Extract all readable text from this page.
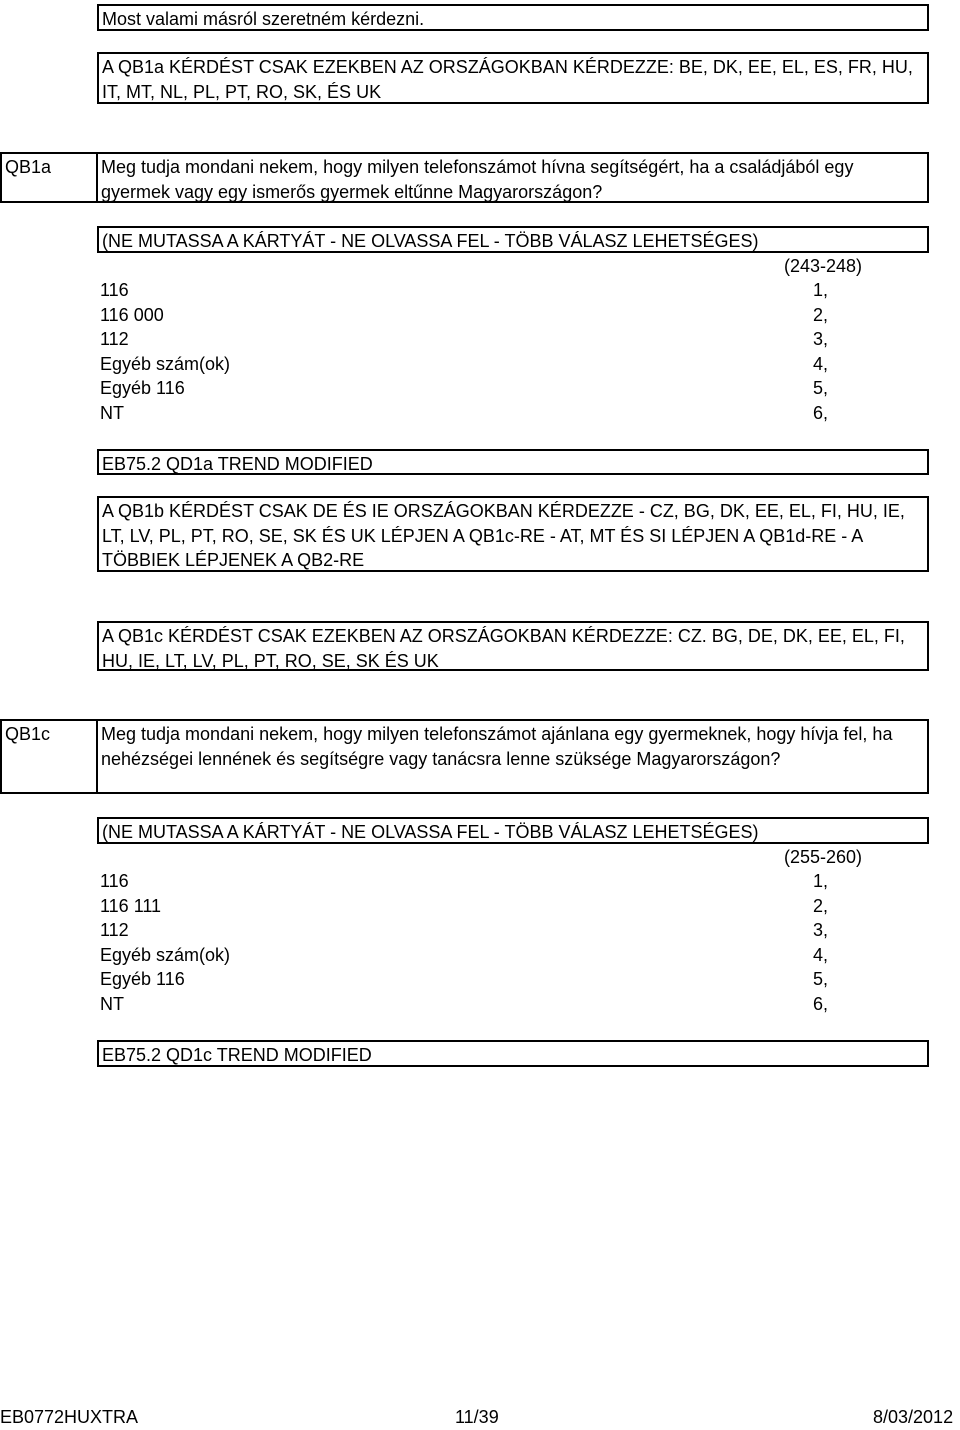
Most valami másról szeretném kérdezni.
A QB1a KÉRDÉST CSAK EZEKBEN AZ ORSZÁGOKBAN KÉRDEZZE: BE, DK, EE, EL, ES, FR, HU, IT, MT, NL, PL, PT, RO, SK, ÉS UK
QB1a	Meg tudja mondani nekem, hogy milyen telefonszámot hívna segítségért, ha a családjából egy gyermek vagy egy ismerős gyermek eltűnne Magyarországon?
(NE MUTASSA A KÁRTYÁT - NE OLVASSA FEL - TÖBB VÁLASZ LEHETSÉGES)
(243-248)
116	1,
116 000	2,
112	3,
Egyéb szám(ok)	4,
Egyéb 116	5,
NT	6,
EB75.2 QD1a TREND MODIFIED
A QB1b KÉRDÉST CSAK DE ÉS IE ORSZÁGOKBAN KÉRDEZZE - CZ, BG, DK, EE, EL, FI, HU, IE, LT, LV, PL, PT, RO, SE, SK ÉS UK LÉPJEN A QB1c-RE - AT, MT ÉS SI LÉPJEN A QB1d-RE - A TÖBBIEK LÉPJENEK A QB2-RE
A QB1c KÉRDÉST CSAK EZEKBEN AZ ORSZÁGOKBAN KÉRDEZZE: CZ. BG, DE, DK, EE, EL, FI, HU, IE, LT, LV, PL, PT, RO, SE, SK ÉS UK
QB1c	Meg tudja mondani nekem, hogy milyen telefonszámot ajánlana egy gyermeknek, hogy hívja fel, ha nehézségei lennének és segítségre vagy tanácsra lenne szüksége Magyarországon?
(NE MUTASSA A KÁRTYÁT - NE OLVASSA FEL - TÖBB VÁLASZ LEHETSÉGES)
(255-260)
116	1,
116 111	2,
112	3,
Egyéb szám(ok)	4,
Egyéb 116	5,
NT	6,
EB75.2 QD1c TREND MODIFIED
EB0772HUXTRA	11/39	8/03/2012
